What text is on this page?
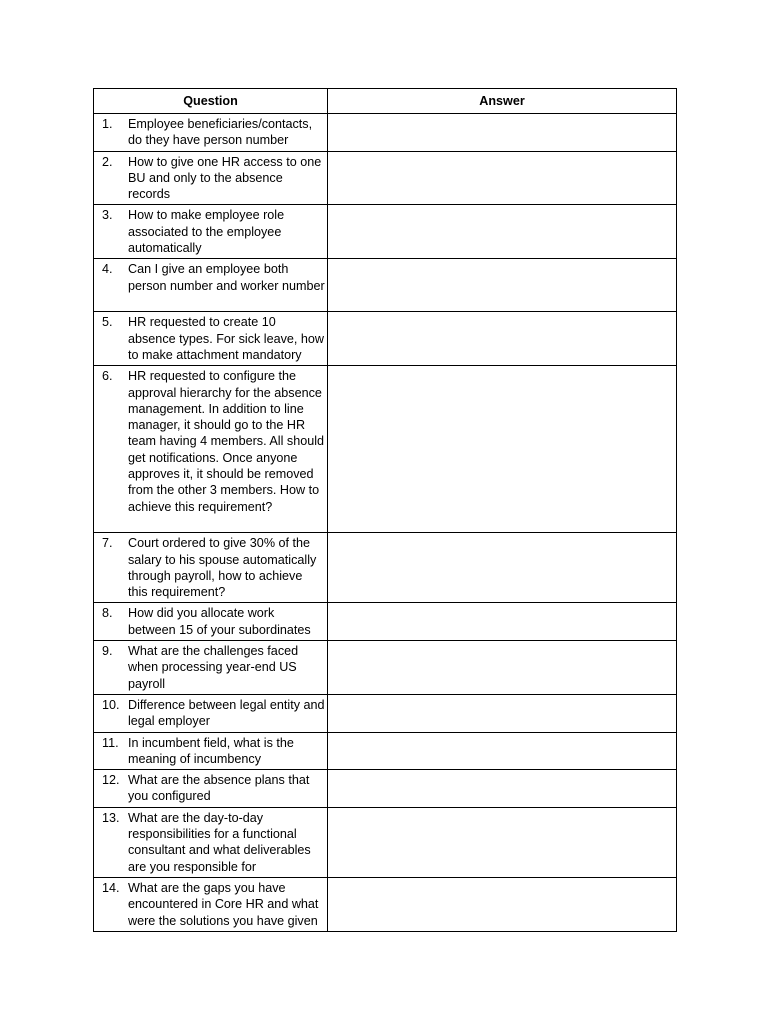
Question	Answer

1. Employee beneficiaries/contacts, do they have person number	

2. How to give one HR access to one BU and only to the absence records	

3. How to make employee role associated to the employee automatically	

4. Can I give an employee both person number and worker number	

5. HR requested to create 10 absence types. For sick leave, how to make attachment mandatory	

6. HR requested to configure the approval hierarchy for the absence management. In addition to line manager, it should go to the HR team having 4 members. All should get notifications. Once anyone approves it, it should be removed from the other 3 members. How to achieve this requirement?	

7. Court ordered to give 30% of the salary to his spouse automatically through payroll, how to achieve this requirement?	

8. How did you allocate work between 15 of your subordinates	

9. What are the challenges faced when processing year-end US payroll	

10. Difference between legal entity and legal employer	

11. In incumbent field, what is the meaning of incumbency	

12. What are the absence plans that you configured	

13. What are the day-to-day responsibilities for a functional consultant and what deliverables are you responsible for	

14. What are the gaps you have encountered in Core HR and what were the solutions you have given	
